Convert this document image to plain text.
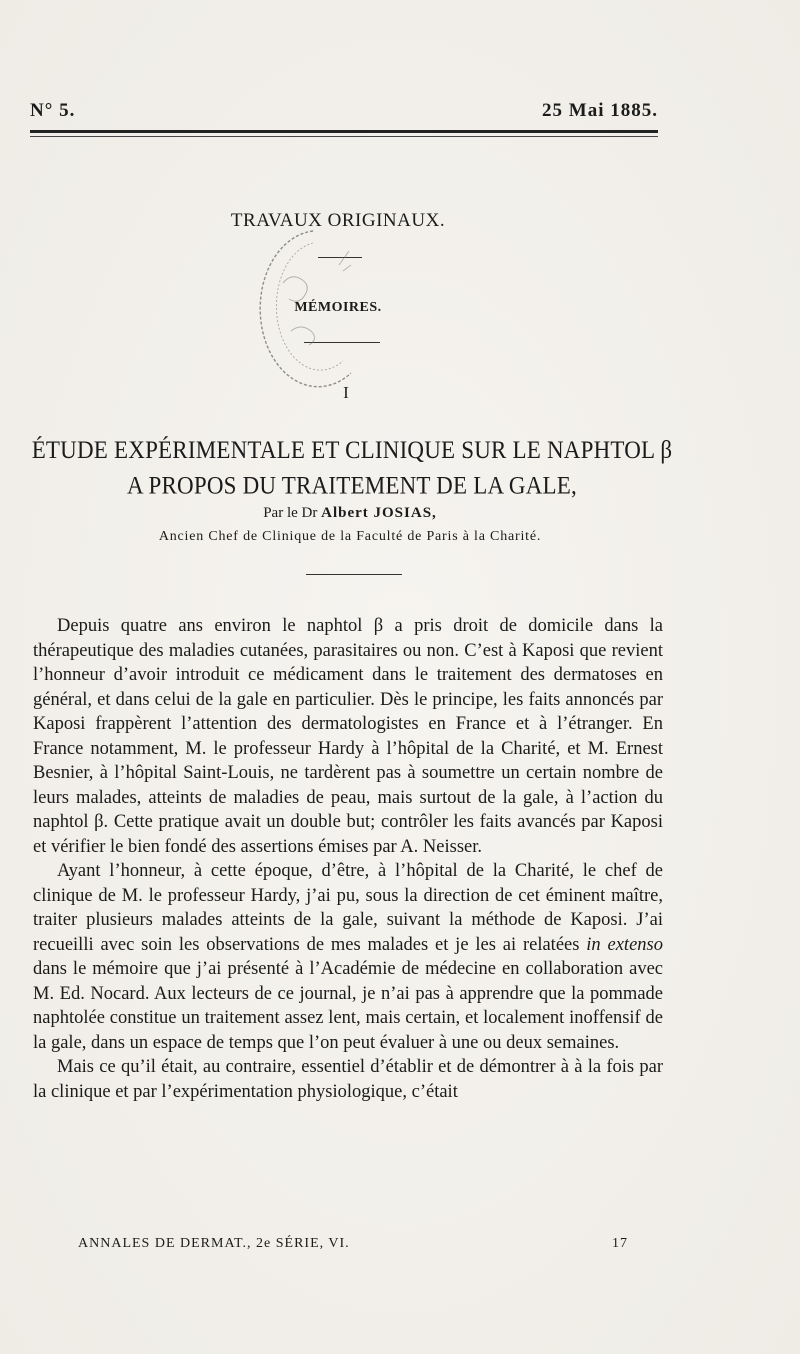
N° 5.	25 Mai 1885.
TRAVAUX ORIGINAUX.
MÉMOIRES.
I
ÉTUDE EXPÉRIMENTALE ET CLINIQUE SUR LE NAPHTOL β
A PROPOS DU TRAITEMENT DE LA GALE,
Par le Dr Albert JOSIAS,
Ancien Chef de Clinique de la Faculté de Paris à la Charité.

Depuis quatre ans environ le naphtol β a pris droit de domicile dans la thérapeutique des maladies cutanées, parasitaires ou non. C’est à Kaposi que revient l’honneur d’avoir introduit ce médicament dans le traitement des dermatoses en général, et dans celui de la gale en particulier. Dès le principe, les faits annoncés par Kaposi frappèrent l’attention des dermatologistes en France et à l’étranger. En France notamment, M. le professeur Hardy à l’hôpital de la Charité, et M. Ernest Besnier, à l’hôpital Saint-Louis, ne tardèrent pas à soumettre un certain nombre de leurs malades, atteints de maladies de peau, mais surtout de la gale, à l’action du naphtol β. Cette pratique avait un double but; contrôler les faits avancés par Kaposi et vérifier le bien fondé des assertions émises par A. Neisser.

Ayant l’honneur, à cette époque, d’être, à l’hôpital de la Charité, le chef de clinique de M. le professeur Hardy, j’ai pu, sous la direction de cet éminent maître, traiter plusieurs malades atteints de la gale, suivant la méthode de Kaposi. J’ai recueilli avec soin les observations de mes malades et je les ai relatées in extenso dans le mémoire que j’ai présenté à l’Académie de médecine en collaboration avec M. Ed. Nocard. Aux lecteurs de ce journal, je n’ai pas à apprendre que la pommade naphtolée constitue un traitement assez lent, mais certain, et localement inoffensif de la gale, dans un espace de temps que l’on peut évaluer à une ou deux semaines.

Mais ce qu’il était, au contraire, essentiel d’établir et de démontrer à à la fois par la clinique et par l’expérimentation physiologique, c’était

ANNALES DE DERMAT., 2e SÉRIE, VI.	17
